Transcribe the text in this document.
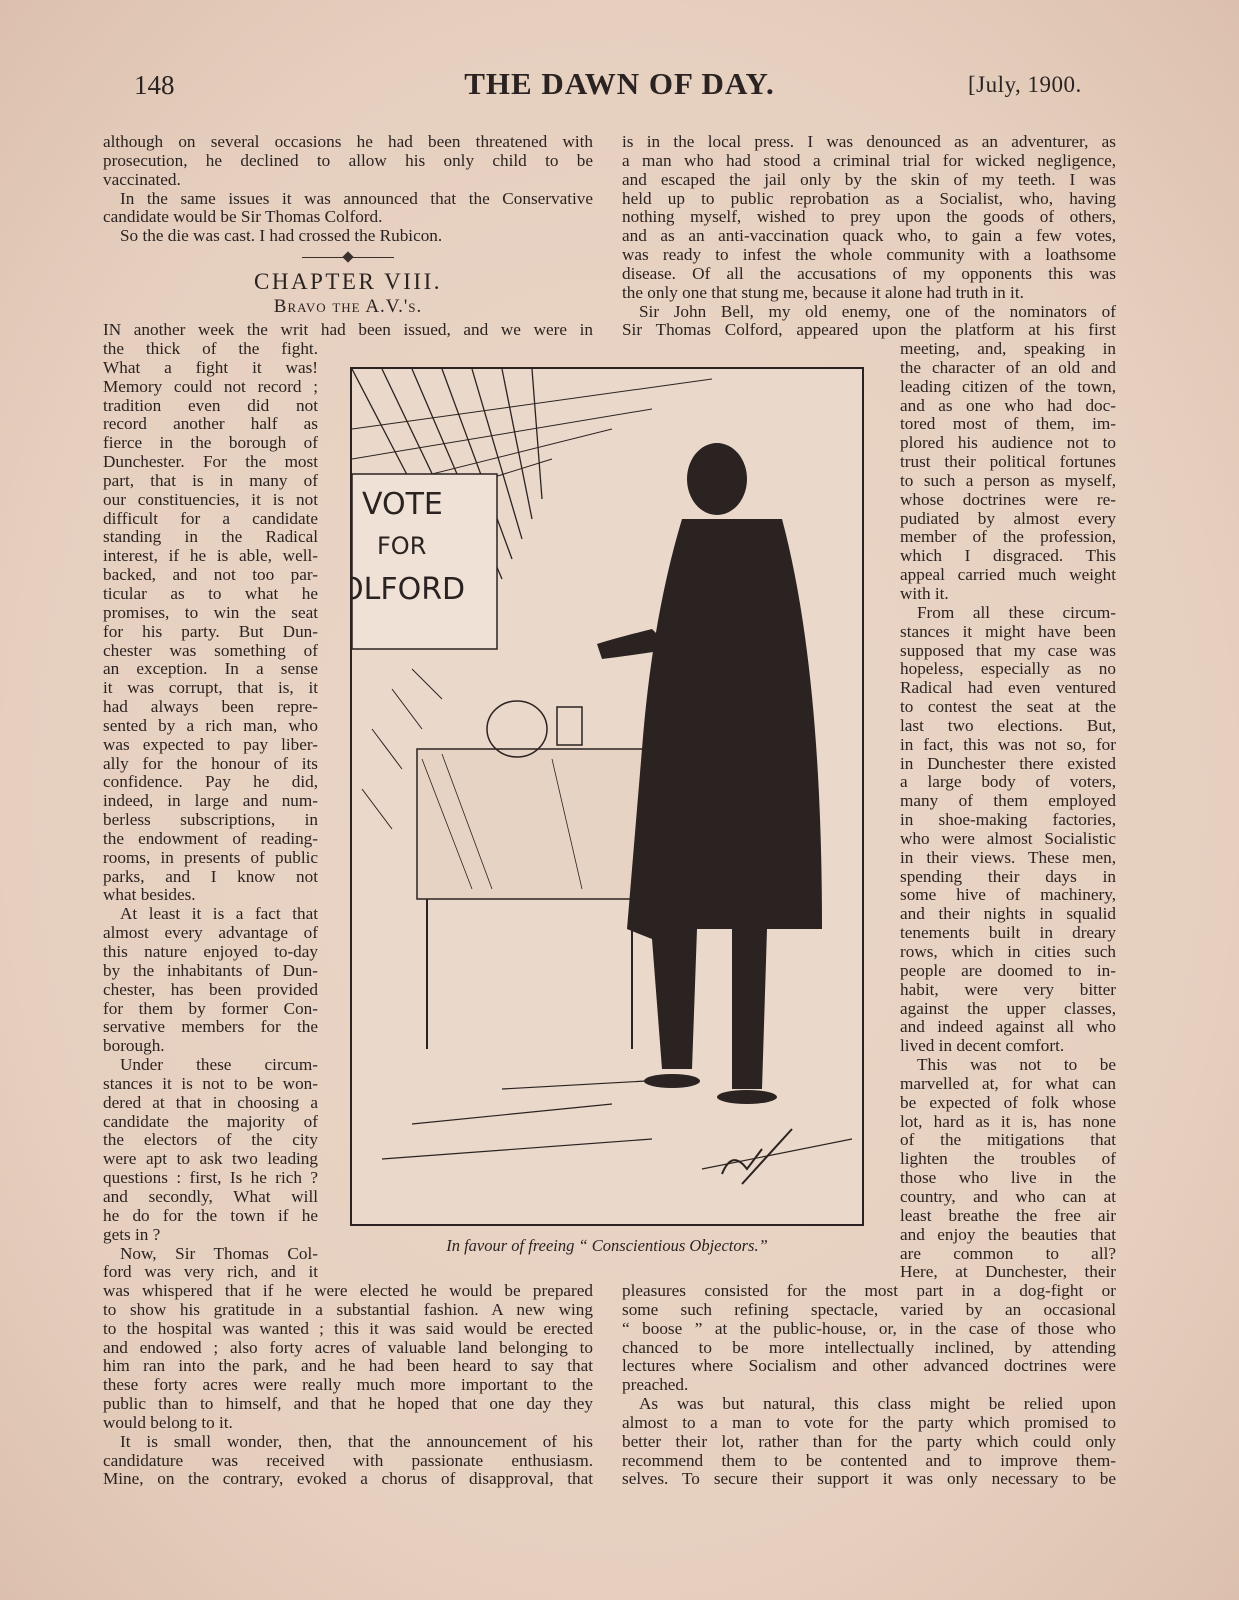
148	THE DAWN OF DAY.	[July, 1900.
although on several occasions he had been threatened with
prosecution, he declined to allow his only child to be
vaccinated.
In the same issues it was announced that the Conservative
candidate would be Sir Thomas Colford.
So the die was cast. I had crossed the Rubicon.
CHAPTER VIII.
Bravo the A.V.'s.
IN another week the writ had been issued, and we were in
the thick of the fight.
What a fight it was!
Memory could not record ;
tradition even did not
record another half as
fierce in the borough of
Dunchester. For the most
part, that is in many of
our constituencies, it is not
difficult for a candidate
standing in the Radical
interest, if he is able, well-
backed, and not too par-
ticular as to what he
promises, to win the seat
for his party. But Dun-
chester was something of
an exception. In a sense
it was corrupt, that is, it
had always been repre-
sented by a rich man, who
was expected to pay liber-
ally for the honour of its
confidence. Pay he did,
indeed, in large and num-
berless subscriptions, in
the endowment of reading-
rooms, in presents of public
parks, and I know not
what besides.
At least it is a fact that
almost every advantage of
this nature enjoyed to-day
by the inhabitants of Dun-
chester, has been provided
for them by former Con-
servative members for the
borough.
Under these circum-
stances it is not to be won-
dered at that in choosing a
candidate the majority of
the electors of the city
were apt to ask two leading
questions : first, Is he rich ?
and secondly, What will
he do for the town if he
gets in ?
Now, Sir Thomas Col-
ford was very rich, and it
was whispered that if he were elected he would be prepared
to show his gratitude in a substantial fashion. A new wing
to the hospital was wanted ; this it was said would be erected
and endowed ; also forty acres of valuable land belonging to
him ran into the park, and he had been heard to say that
these forty acres were really much more important to the
public than to himself, and that he hoped that one day they
would belong to it.
It is small wonder, then, that the announcement of his
candidature was received with passionate enthusiasm.
Mine, on the contrary, evoked a chorus of disapproval, that
is in the local press. I was denounced as an adventurer, as
a man who had stood a criminal trial for wicked negligence,
and escaped the jail only by the skin of my teeth. I was
held up to public reprobation as a Socialist, who, having
nothing myself, wished to prey upon the goods of others,
and as an anti-vaccination quack who, to gain a few votes,
was ready to infest the whole community with a loathsome
disease. Of all the accusations of my opponents this was
the only one that stung me, because it alone had truth in it.
Sir John Bell, my old enemy, one of the nominators of
Sir Thomas Colford, appeared upon the platform at his first
meeting, and, speaking in
the character of an old and
leading citizen of the town,
and as one who had doc-
tored most of them, im-
plored his audience not to
trust their political fortunes
to such a person as myself,
whose doctrines were re-
pudiated by almost every
member of the profession,
which I disgraced. This
appeal carried much weight
with it.
From all these circum-
stances it might have been
supposed that my case was
hopeless, especially as no
Radical had even ventured
to contest the seat at the
last two elections. But,
in fact, this was not so, for
in Dunchester there existed
a large body of voters,
many of them employed
in shoe-making factories,
who were almost Socialistic
in their views. These men,
spending their days in
some hive of machinery,
and their nights in squalid
tenements built in dreary
rows, which in cities such
people are doomed to in-
habit, were very bitter
against the upper classes,
and indeed against all who
lived in decent comfort.
This was not to be
marvelled at, for what can
be expected of folk whose
lot, hard as it is, has none
of the mitigations that
lighten the troubles of
those who live in the
country, and who can at
least breathe the free air
and enjoy the beauties that
are common to all?
Here, at Dunchester, their
pleasures consisted for the most part in a dog-fight or
some such refining spectacle, varied by an occasional
“ boose ” at the public-house, or, in the case of those who
chanced to be more intellectually inclined, by attending
lectures where Socialism and other advanced doctrines were
preached.
As was but natural, this class might be relied upon
almost to a man to vote for the party which promised to
better their lot, rather than for the party which could only
recommend them to be contented and to improve them-
selves. To secure their support it was only necessary to be
VOTE
FOR
OLFORD
In favour of freeing “ Conscientious Objectors.”
